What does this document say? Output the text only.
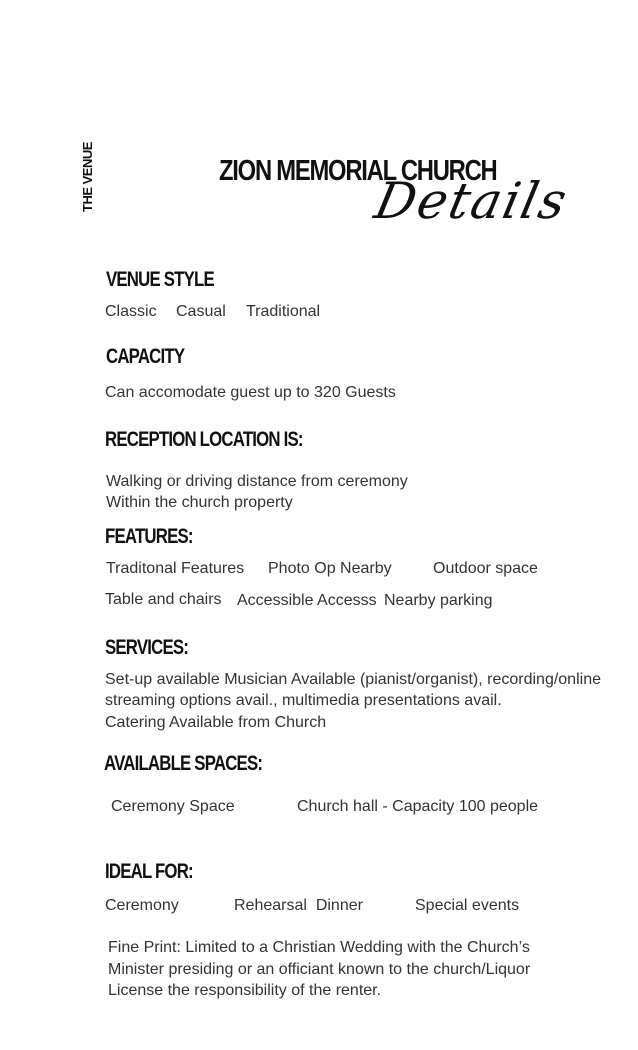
THE VENUE	ZION MEMORIAL CHURCH
Details
VENUE STYLE
Classic Casual Traditional
CAPACITY
Can accomodate guest up to 320 Guests
RECEPTION LOCATION IS:
Walking or driving distance from ceremony
Within the church property
FEATURES:
Traditonal Features Photo Op Nearby	Outdoor space
Table and chairs Accessible Accesss Nearby parking
SERVICES:
Set-up available Musician Available (pianist/organist), recording/online
streaming options avail., multimedia presentations avail.
Catering Available from Church
AVAILABLE SPACES:
Ceremony Space	Church hall - Capacity 100 people
IDEAL FOR:
Ceremony	Rehearsal  Dinner	Special events
Fine Print: Limited to a Christian Wedding with the Church’s
Minister presiding or an officiant known to the church/Liquor
License the responsibility of the renter.
